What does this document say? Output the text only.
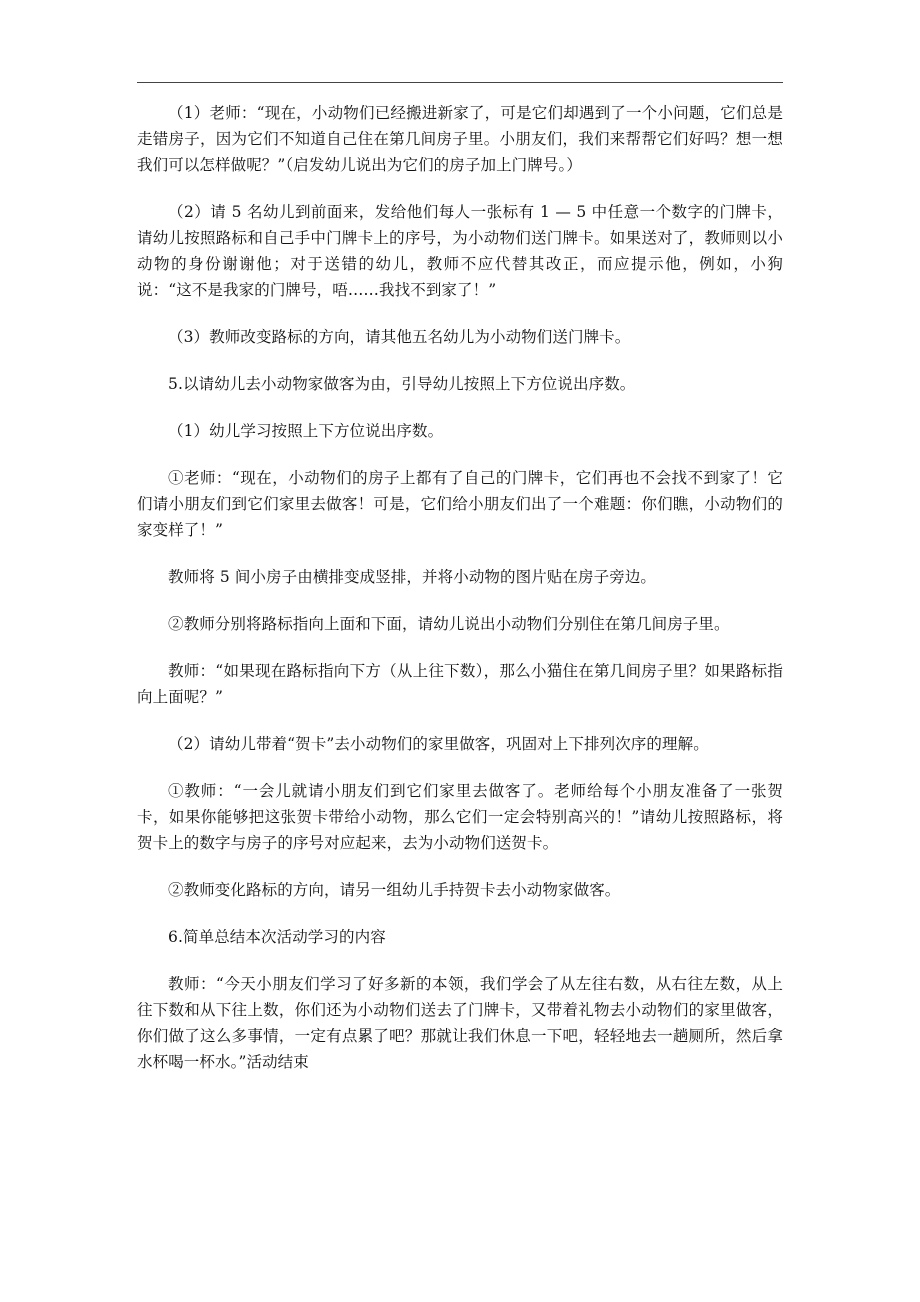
（1）老师：“现在，小动物们已经搬进新家了，可是它们却遇到了一个小问题，它们总是走错房子，因为它们不知道自己住在第几间房子里。小朋友们，我们来帮帮它们好吗？想一想我们可以怎样做呢？”（启发幼儿说出为它们的房子加上门牌号。）

（2）请 5 名幼儿到前面来，发给他们每人一张标有 1 — 5 中任意一个数字的门牌卡，请幼儿按照路标和自己手中门牌卡上的序号，为小动物们送门牌卡。如果送对了，教师则以小动物的身份谢谢他；对于送错的幼儿，教师不应代替其改正，而应提示他，例如，小狗说：“这不是我家的门牌号，唔……我找不到家了！”

（3）教师改变路标的方向，请其他五名幼儿为小动物们送门牌卡。

5.以请幼儿去小动物家做客为由，引导幼儿按照上下方位说出序数。

（1）幼儿学习按照上下方位说出序数。

①老师：“现在，小动物们的房子上都有了自己的门牌卡，它们再也不会找不到家了！它们请小朋友们到它们家里去做客！可是，它们给小朋友们出了一个难题：你们瞧，小动物们的家变样了！”

教师将 5 间小房子由横排变成竖排，并将小动物的图片贴在房子旁边。

②教师分别将路标指向上面和下面，请幼儿说出小动物们分别住在第几间房子里。

教师：“如果现在路标指向下方（从上往下数），那么小猫住在第几间房子里？如果路标指向上面呢？”

（2）请幼儿带着“贺卡”去小动物们的家里做客，巩固对上下排列次序的理解。

①教师：“一会儿就请小朋友们到它们家里去做客了。老师给每个小朋友准备了一张贺卡，如果你能够把这张贺卡带给小动物，那么它们一定会特别高兴的！”请幼儿按照路标，将贺卡上的数字与房子的序号对应起来，去为小动物们送贺卡。

②教师变化路标的方向，请另一组幼儿手持贺卡去小动物家做客。

6.简单总结本次活动学习的内容

教师：“今天小朋友们学习了好多新的本领，我们学会了从左往右数，从右往左数，从上往下数和从下往上数，你们还为小动物们送去了门牌卡，又带着礼物去小动物们的家里做客，你们做了这么多事情，一定有点累了吧？那就让我们休息一下吧，轻轻地去一趟厕所，然后拿水杯喝一杯水。”活动结束
